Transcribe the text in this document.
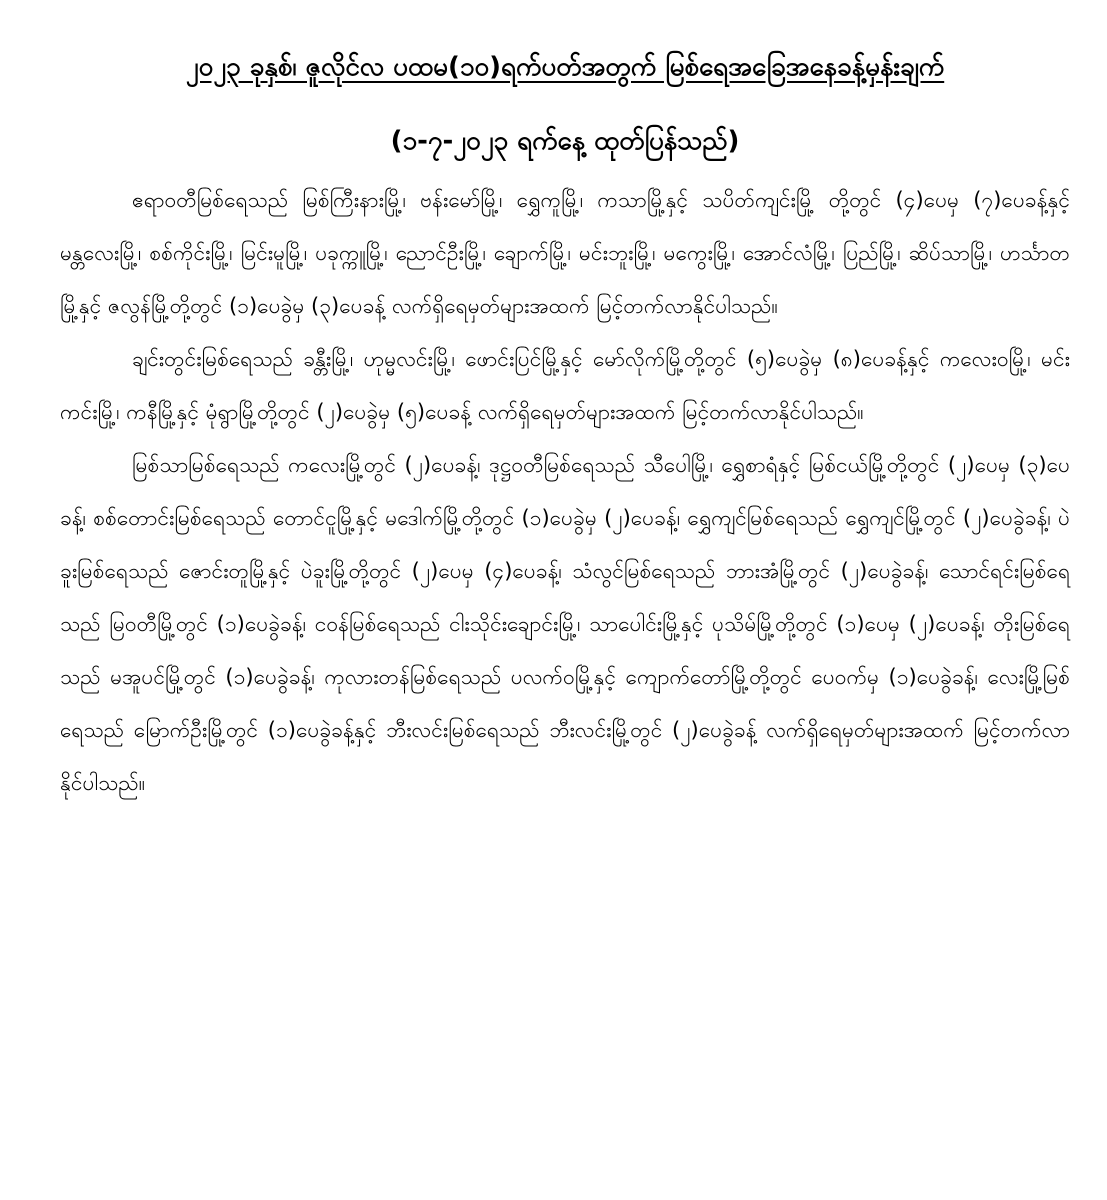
၂၀၂၃ ခုနှစ်၊ ဇူလိုင်လ ပထမ(၁၀)ရက်ပတ်အတွက် မြစ်ရေအခြေအနေခန့်မှန်းချက်
(၁-၇-၂၀၂၃ ရက်နေ့ ထုတ်ပြန်သည်)

ဧရာဝတီမြစ်ရေသည် မြစ်ကြီးနားမြို့၊ ဗန်းမော်မြို့၊ ရွှေကူမြို့၊ ကသာမြို့နှင့် သပိတ်ကျင်းမြို့ တို့တွင် (၄)ပေမှ (၇)ပေခန့်နှင့် မန္တလေးမြို့၊ စစ်ကိုင်းမြို့၊ မြင်းမူမြို့၊ ပခုက္ကူမြို့၊ ညောင်ဦးမြို့၊ ချောက်မြို့၊ မင်းဘူးမြို့၊ မကွေးမြို့၊ အောင်လံမြို့၊ ပြည်မြို့၊ ဆိပ်သာမြို့၊ ဟင်္သာတမြို့နှင့် ဇလွန်မြို့တို့တွင် (၁)ပေခွဲမှ (၃)ပေခန့် လက်ရှိရေမှတ်များအထက် မြင့်တက်လာနိုင်ပါသည်။

ချင်းတွင်းမြစ်ရေသည် ခန္တီးမြို့၊ ဟုမ္မလင်းမြို့၊ ဖောင်းပြင်မြို့နှင့် မော်လိုက်မြို့တို့တွင် (၅)ပေခွဲမှ (၈)ပေခန့်နှင့် ကလေးဝမြို့၊ မင်းကင်းမြို့၊ ကနီမြို့နှင့် မုံရွာမြို့တို့တွင် (၂)ပေခွဲမှ (၅)ပေခန့် လက်ရှိရေမှတ်များအထက် မြင့်တက်လာနိုင်ပါသည်။

မြစ်သာမြစ်ရေသည် ကလေးမြို့တွင် (၂)ပေခန့်၊ ဒုဋ္ဌဝတီမြစ်ရေသည် သီပေါမြို့၊ ရွှေစာရံနှင့် မြစ်ငယ်မြို့တို့တွင် (၂)ပေမှ (၃)ပေခန့်၊ စစ်တောင်းမြစ်ရေသည် တောင်ငူမြို့နှင့် မဒေါက်မြို့တို့တွင် (၁)ပေခွဲမှ (၂)ပေခန့်၊ ရွှေကျင်မြစ်ရေသည် ရွှေကျင်မြို့တွင် (၂)ပေခွဲခန့်၊ ပဲခူးမြစ်ရေသည် ဇောင်းတူမြို့နှင့် ပဲခူးမြို့တို့တွင် (၂)ပေမှ (၄)ပေခန့်၊ သံလွင်မြစ်ရေသည် ဘားအံမြို့တွင် (၂)ပေခွဲခန့်၊ သောင်ရင်းမြစ်ရေသည် မြဝတီမြို့တွင် (၁)ပေခွဲခန့်၊ ငဝန်မြစ်ရေသည် ငါးသိုင်းချောင်းမြို့၊ သာပေါင်းမြို့နှင့် ပုသိမ်မြို့တို့တွင် (၁)ပေမှ (၂)ပေခန့်၊ တိုးမြစ်ရေသည် မအူပင်မြို့တွင် (၁)ပေခွဲခန့်၊ ကုလားတန်မြစ်ရေသည် ပလက်ဝမြို့နှင့် ကျောက်တော်မြို့တို့တွင် ပေဝက်မှ (၁)ပေခွဲခန့်၊ လေးမြို့မြစ်ရေသည် မြောက်ဦးမြို့တွင် (၁)ပေခွဲခန့်နှင့် ဘီးလင်းမြစ်ရေသည် ဘီးလင်းမြို့တွင် (၂)ပေခွဲခန့် လက်ရှိရေမှတ်များအထက် မြင့်တက်လာနိုင်ပါသည်။
